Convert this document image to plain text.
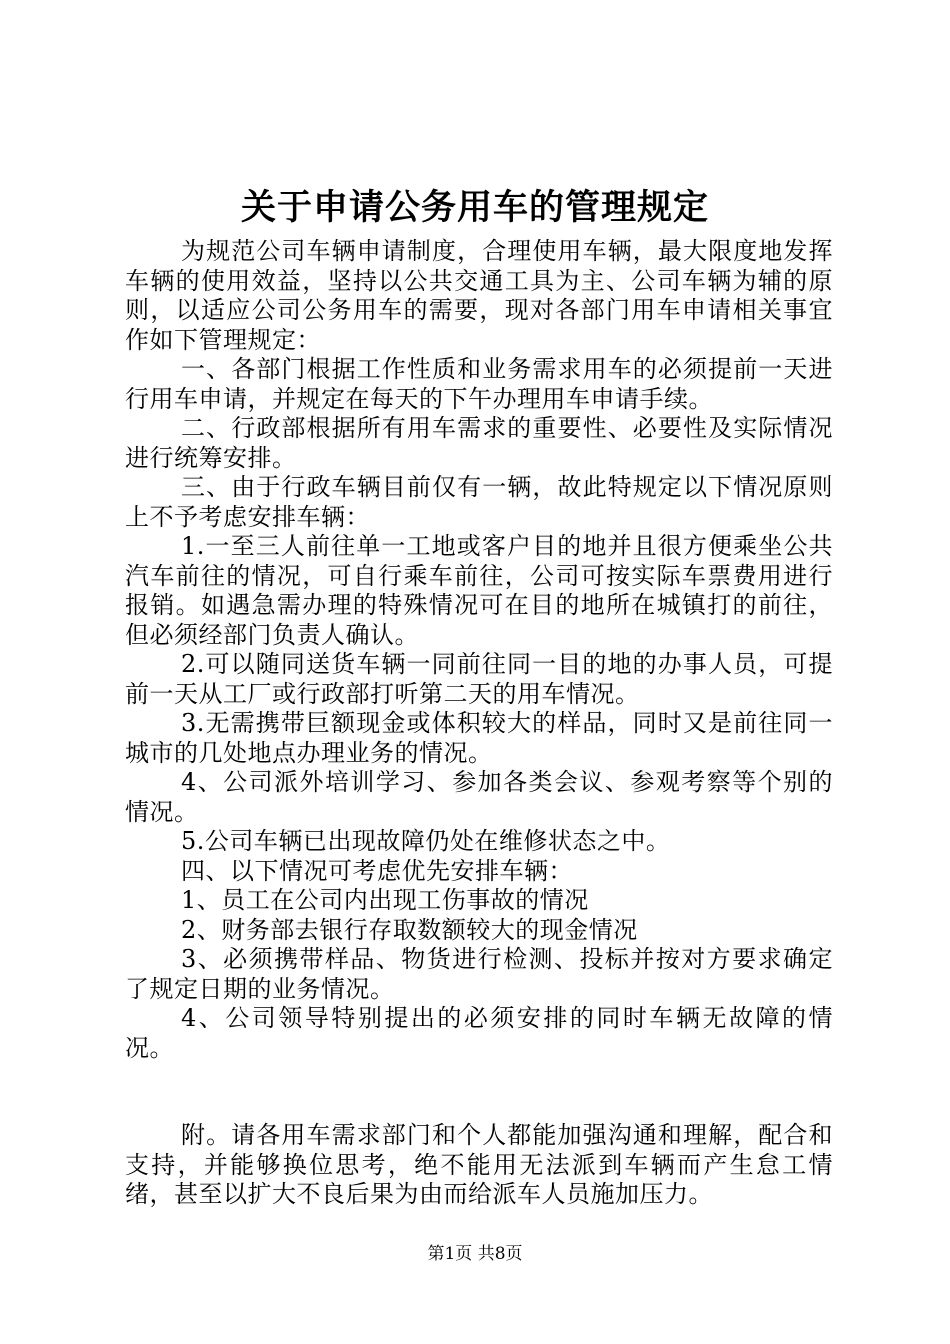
关于申请公务用车的管理规定

为规范公司车辆申请制度，合理使用车辆，最大限度地发挥车辆的使用效益，坚持以公共交通工具为主、公司车辆为辅的原则，以适应公司公务用车的需要，现对各部门用车申请相关事宜作如下管理规定：

一、各部门根据工作性质和业务需求用车的必须提前一天进行用车申请，并规定在每天的下午办理用车申请手续。

二、行政部根据所有用车需求的重要性、必要性及实际情况进行统筹安排。

三、由于行政车辆目前仅有一辆，故此特规定以下情况原则上不予考虑安排车辆：

1.一至三人前往单一工地或客户目的地并且很方便乘坐公共汽车前往的情况，可自行乘车前往，公司可按实际车票费用进行报销。如遇急需办理的特殊情况可在目的地所在城镇打的前往，但必须经部门负责人确认。

2.可以随同送货车辆一同前往同一目的地的办事人员，可提前一天从工厂或行政部打听第二天的用车情况。

3.无需携带巨额现金或体积较大的样品，同时又是前往同一城市的几处地点办理业务的情况。

4、公司派外培训学习、参加各类会议、参观考察等个别的情况。

5.公司车辆已出现故障仍处在维修状态之中。

四、以下情况可考虑优先安排车辆：

1、员工在公司内出现工伤事故的情况

2、财务部去银行存取数额较大的现金情况

3、必须携带样品、物货进行检测、投标并按对方要求确定了规定日期的业务情况。

4、公司领导特别提出的必须安排的同时车辆无故障的情况。

附。请各用车需求部门和个人都能加强沟通和理解，配合和支持，并能够换位思考，绝不能用无法派到车辆而产生怠工情绪，甚至以扩大不良后果为由而给派车人员施加压力。

第1页 共8页
